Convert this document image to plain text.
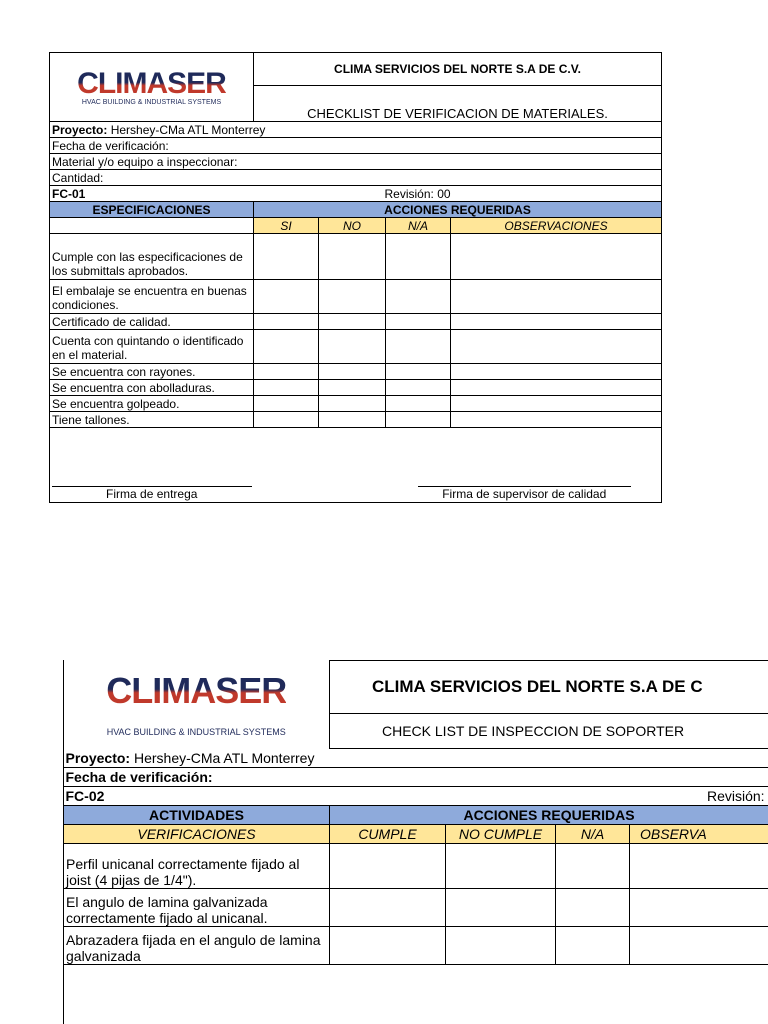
CLIMASER
HVAC BUILDING & INDUSTRIAL SYSTEMS	CLIMA SERVICIOS DEL NORTE S.A DE C.V.			
	CHECKLIST DE VERIFICACION DE MATERIALES.			
Proyecto: Hershey-CMa ATL Monterrey				
Fecha de verificación:				
Material y/o equipo a inspeccionar:				
Cantidad:				
FC-01	Revisión: 00			
ESPECIFICACIONES	ACCIONES REQUERIDAS			
	SI	NO	N/A	OBSERVACIONES
Cumple con las especificaciones de los submittals aprobados.				
El embalaje se encuentra en buenas condiciones.				
Certificado de calidad.				
Cuenta con quintando o identificado en el material.				
Se encuentra con rayones.				
Se encuentra con abolladuras.				
Se encuentra golpeado.				
Tiene tallones.				

Firma de entrega			Firma de supervisor de calidad	
CLIMASER
HVAC BUILDING & INDUSTRIAL SYSTEMS	CLIMA SERVICIOS DEL NORTE S.A DE C			
	CHECK LIST DE INSPECCION DE SOPORTER			
Proyecto: Hershey-CMa ATL Monterrey				
Fecha de verificación:				
FC-02				Revisión:
ACTIVIDADES	ACCIONES REQUERIDAS			
VERIFICACIONES	CUMPLE	NO CUMPLE	N/A	OBSERVA
Perfil unicanal correctamente fijado al joist (4 pijas de 1/4").				
El angulo de lamina galvanizada correctamente fijado al unicanal.				
Abrazadera fijada en el angulo de lamina galvanizada				
